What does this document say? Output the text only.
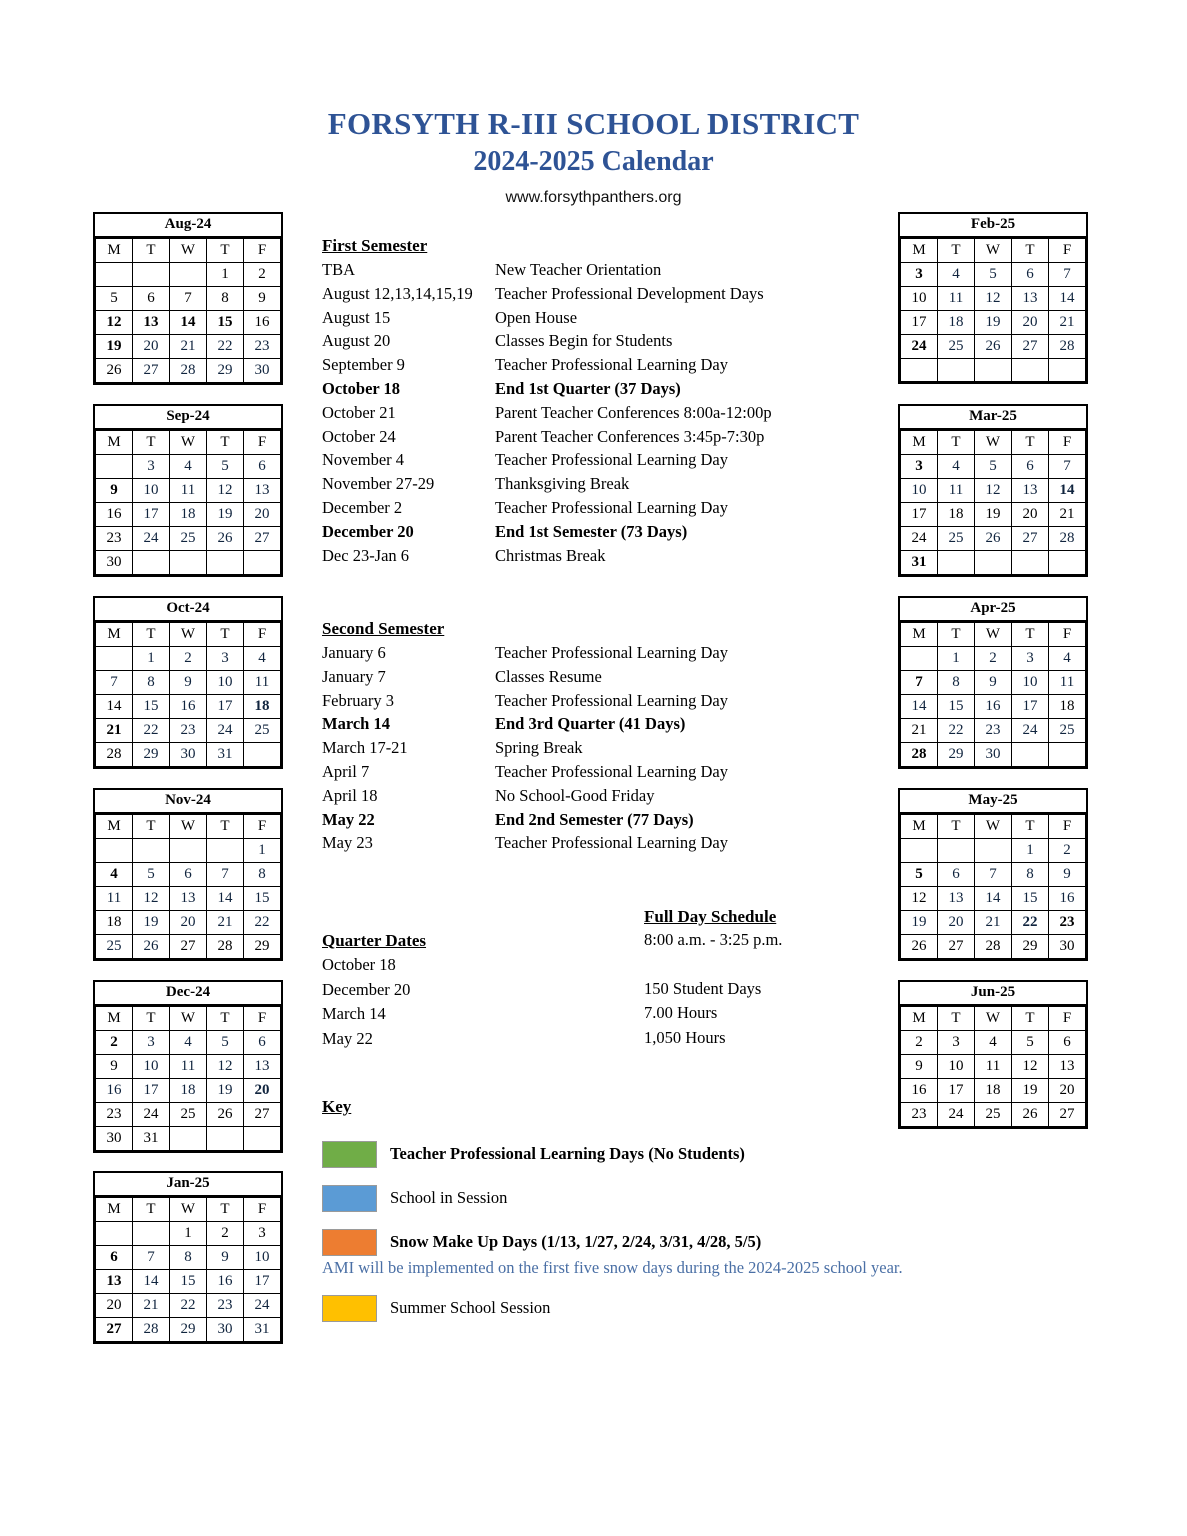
FORSYTH R-III SCHOOL DISTRICT
2024-2025 Calendar
www.forsythpanthers.org
Aug-24
M	T	W	T	F
			1	2
5	6	7	8	9
12	13	14	15	16
19	20	21	22	23
26	27	28	29	30
Sep-24
M	T	W	T	F
	3	4	5	6
9	10	11	12	13
16	17	18	19	20
23	24	25	26	27
30				
Oct-24
M	T	W	T	F
	1	2	3	4
7	8	9	10	11
14	15	16	17	18
21	22	23	24	25
28	29	30	31	
Nov-24
M	T	W	T	F
				1
4	5	6	7	8
11	12	13	14	15
18	19	20	21	22
25	26	27	28	29
Dec-24
M	T	W	T	F
2	3	4	5	6
9	10	11	12	13
16	17	18	19	20
23	24	25	26	27
30	31			
Jan-25
M	T	W	T	F
		1	2	3
6	7	8	9	10
13	14	15	16	17
20	21	22	23	24
27	28	29	30	31
Feb-25
M	T	W	T	F
3	4	5	6	7
10	11	12	13	14
17	18	19	20	21
24	25	26	27	28

Mar-25
M	T	W	T	F
3	4	5	6	7
10	11	12	13	14
17	18	19	20	21
24	25	26	27	28
31				
Apr-25
M	T	W	T	F
	1	2	3	4
7	8	9	10	11
14	15	16	17	18
21	22	23	24	25
28	29	30		
May-25
M	T	W	T	F
			1	2
5	6	7	8	9
12	13	14	15	16
19	20	21	22	23
26	27	28	29	30
Jun-25
M	T	W	T	F
2	3	4	5	6
9	10	11	12	13
16	17	18	19	20
23	24	25	26	27
First Semester
TBA	New Teacher Orientation
August 12,13,14,15,19	Teacher Professional Development Days
August 15	Open House
August 20	Classes Begin for Students
September 9	Teacher Professional Learning Day
October 18	End 1st Quarter (37 Days)
October 21	Parent Teacher Conferences 8:00a-12:00p
October 24	Parent Teacher Conferences 3:45p-7:30p
November 4	Teacher Professional Learning Day
November 27-29	Thanksgiving Break
December 2	Teacher Professional Learning Day
December 20	End 1st Semester (73 Days)
Dec 23-Jan 6	Christmas Break
Second Semester
January 6	Teacher Professional Learning Day
January 7	Classes Resume
February 3	Teacher Professional Learning Day
March 14	End 3rd Quarter (41 Days)
March 17-21	Spring Break
April 7	Teacher Professional Learning Day
April 18	No School-Good Friday
May 22	End 2nd Semester (77 Days)
May 23	Teacher Professional Learning Day
Quarter Dates
October 18
December 20
March 14
May 22
Full Day Schedule
8:00 a.m. - 3:25 p.m.
150 Student Days
7.00 Hours
1,050 Hours
Key
Teacher Professional Learning Days (No Students)
School in Session
Snow Make Up Days (1/13, 1/27, 2/24, 3/31, 4/28, 5/5)
AMI will be implemented on the first five snow days during the 2024-2025 school year.
Summer School Session
